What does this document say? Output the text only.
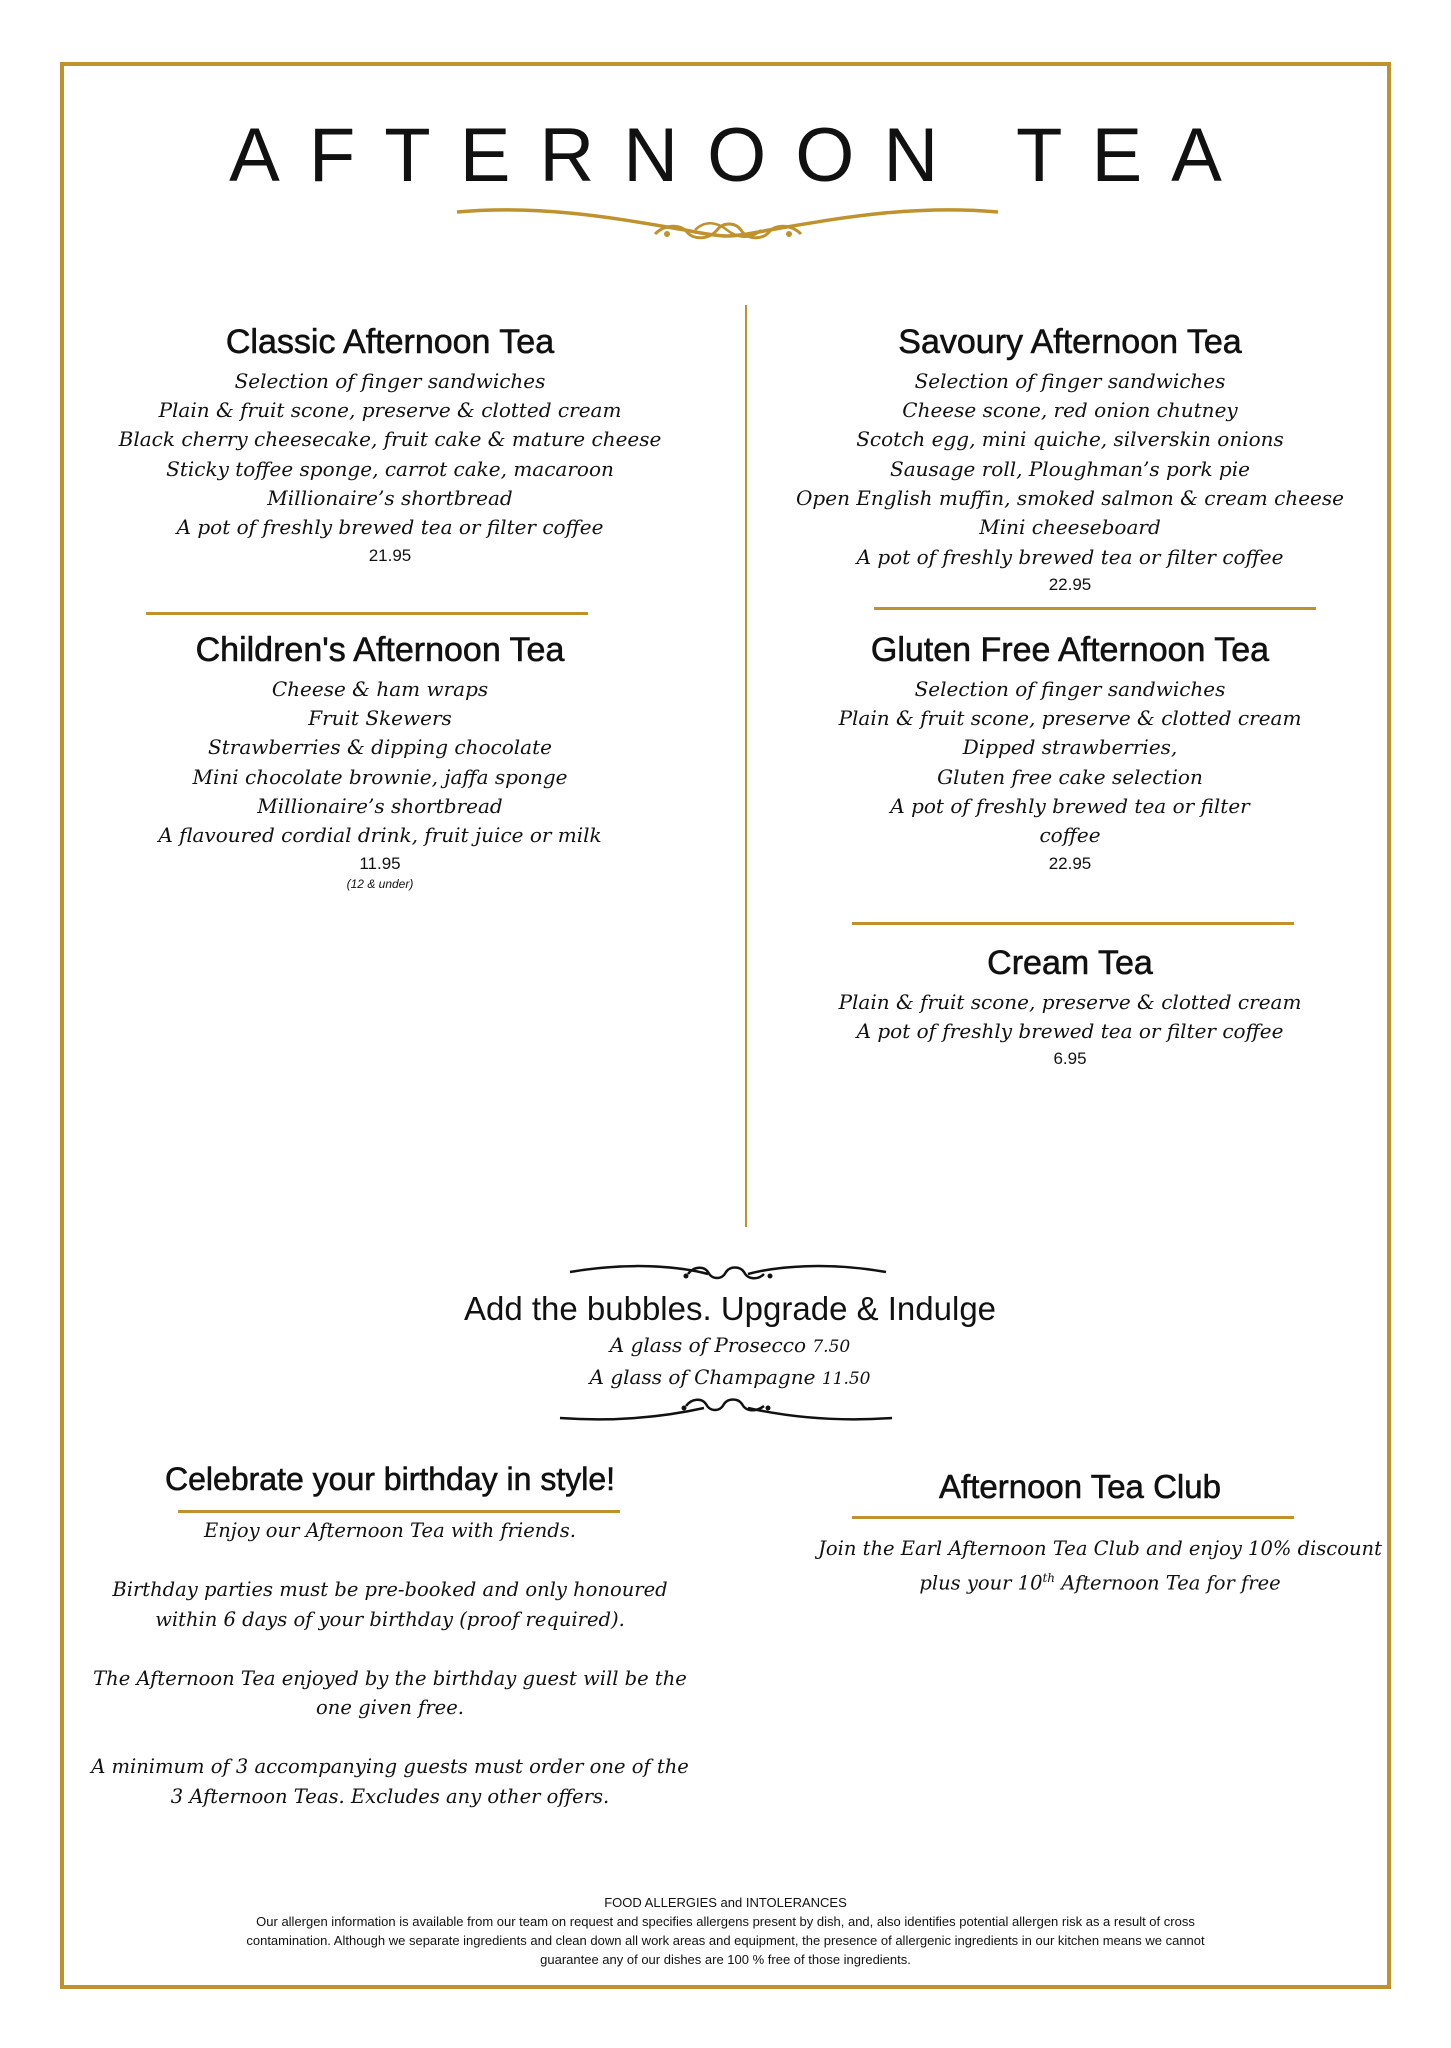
AFTERNOON TEA
Classic Afternoon Tea
Selection of finger sandwiches
Plain & fruit scone, preserve & clotted cream
Black cherry cheesecake, fruit cake & mature cheese
Sticky toffee sponge, carrot cake, macaroon
Millionaire’s shortbread
A pot of freshly brewed tea or filter coffee
21.95
Savoury Afternoon Tea
Selection of finger sandwiches
Cheese scone, red onion chutney
Scotch egg, mini quiche, silverskin onions
Sausage roll, Ploughman’s pork pie
Open English muffin, smoked salmon & cream cheese
Mini cheeseboard
A pot of freshly brewed tea or filter coffee
22.95
Children's Afternoon Tea
Cheese & ham wraps
Fruit Skewers
Strawberries & dipping chocolate
Mini chocolate brownie, jaffa sponge
Millionaire’s shortbread
A flavoured cordial drink, fruit juice or milk
11.95
(12 & under)
Gluten Free Afternoon Tea
Selection of finger sandwiches
Plain & fruit scone, preserve & clotted cream
Dipped strawberries,
Gluten free cake selection
A pot of freshly brewed tea or filter
coffee
22.95
Cream Tea
Plain & fruit scone, preserve & clotted cream
A pot of freshly brewed tea or filter coffee
6.95
Add the bubbles. Upgrade & Indulge
A glass of Prosecco 7.50
A glass of Champagne 11.50
Celebrate your birthday in style!
Enjoy our Afternoon Tea with friends.
Birthday parties must be pre-booked and only honoured
within 6 days of your birthday (proof required).
The Afternoon Tea enjoyed by the birthday guest will be the
one given free.
A minimum of 3 accompanying guests must order one of the
3 Afternoon Teas. Excludes any other offers.
Afternoon Tea Club
Join the Earl Afternoon Tea Club and enjoy 10% discount
plus your 10th Afternoon Tea for free
FOOD ALLERGIES and INTOLERANCES
Our allergen information is available from our team on request and specifies allergens present by dish, and, also identifies potential allergen risk as a result of cross
contamination. Although we separate ingredients and clean down all work areas and equipment, the presence of allergenic ingredients in our kitchen means we cannot
guarantee any of our dishes are 100 % free of those ingredients.
